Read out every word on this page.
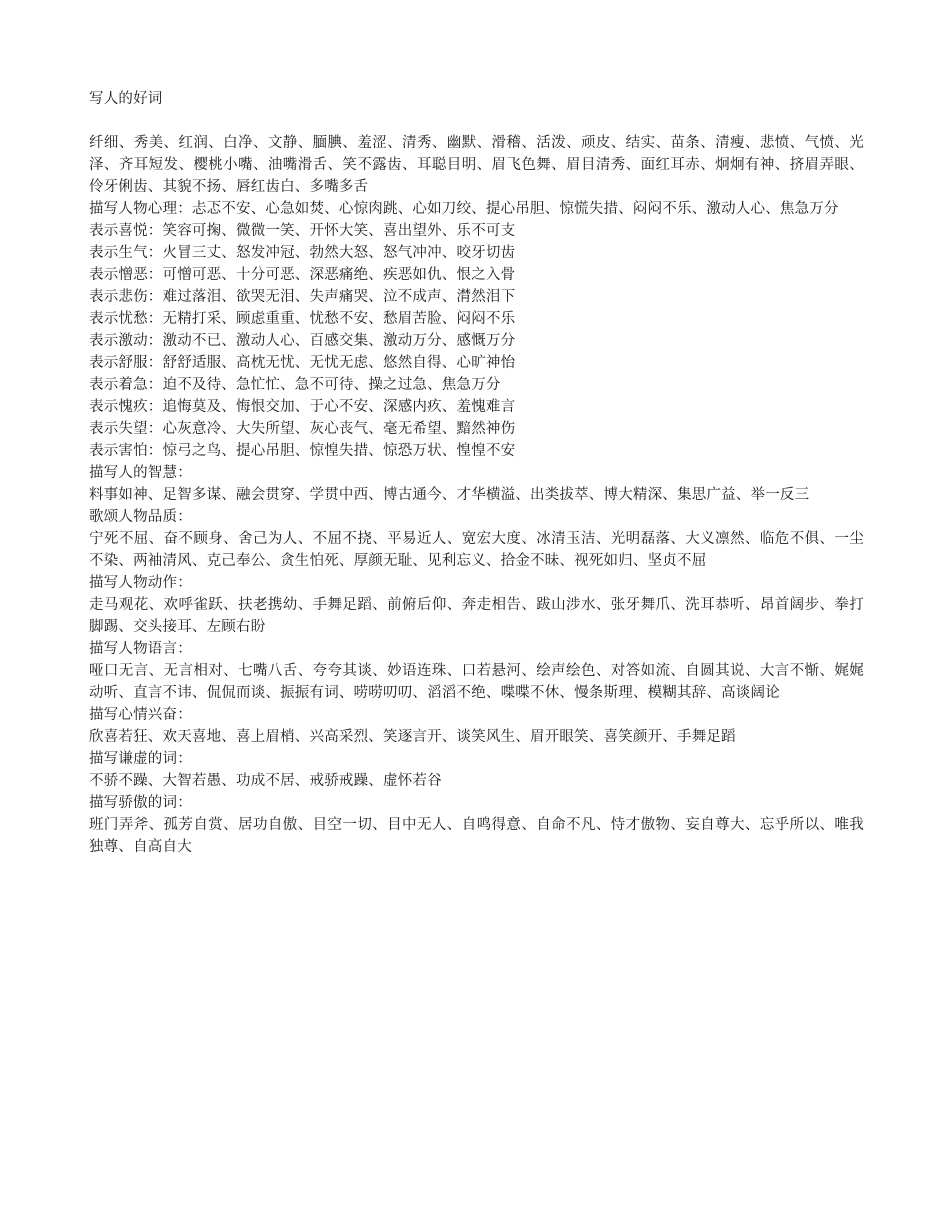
写人的好词

纤细、秀美、红润、白净、文静、腼腆、羞涩、清秀、幽默、滑稽、活泼、顽皮、结实、苗条、清瘦、悲愤、气愤、光泽、齐耳短发、樱桃小嘴、油嘴滑舌、笑不露齿、耳聪目明、眉飞色舞、眉目清秀、面红耳赤、炯炯有神、挤眉弄眼、伶牙俐齿、其貌不扬、唇红齿白、多嘴多舌

描写人物心理：忐忑不安、心急如焚、心惊肉跳、心如刀绞、提心吊胆、惊慌失措、闷闷不乐、激动人心、焦急万分

表示喜悦：笑容可掬、微微一笑、开怀大笑、喜出望外、乐不可支

表示生气：火冒三丈、怒发冲冠、勃然大怒、怒气冲冲、咬牙切齿

表示憎恶：可憎可恶、十分可恶、深恶痛绝、疾恶如仇、恨之入骨

表示悲伤：难过落泪、欲哭无泪、失声痛哭、泣不成声、潸然泪下

表示忧愁：无精打采、顾虑重重、忧愁不安、愁眉苦脸、闷闷不乐

表示激动：激动不已、激动人心、百感交集、激动万分、感慨万分

表示舒服：舒舒适服、高枕无忧、无忧无虑、悠然自得、心旷神怡

表示着急：迫不及待、急忙忙、急不可待、操之过急、焦急万分

表示愧疚：追悔莫及、悔恨交加、于心不安、深感内疚、羞愧难言

表示失望：心灰意冷、大失所望、灰心丧气、毫无希望、黯然神伤

表示害怕：惊弓之鸟、提心吊胆、惊惶失措、惊恐万状、惶惶不安

描写人的智慧：

料事如神、足智多谋、融会贯穿、学贯中西、博古通今、才华横溢、出类拔萃、博大精深、集思广益、举一反三

歌颂人物品质：

宁死不屈、奋不顾身、舍己为人、不屈不挠、平易近人、宽宏大度、冰清玉洁、光明磊落、大义凛然、临危不俱、一尘不染、两袖清风、克己奉公、贪生怕死、厚颜无耻、见利忘义、拾金不昧、视死如归、坚贞不屈

描写人物动作：

走马观花、欢呼雀跃、扶老携幼、手舞足蹈、前俯后仰、奔走相告、跋山涉水、张牙舞爪、洗耳恭听、昂首阔步、拳打脚踢、交头接耳、左顾右盼

描写人物语言：

哑口无言、无言相对、七嘴八舌、夸夸其谈、妙语连珠、口若悬河、绘声绘色、对答如流、自圆其说、大言不惭、娓娓动听、直言不讳、侃侃而谈、振振有词、唠唠叨叨、滔滔不绝、喋喋不休、慢条斯理、模糊其辞、高谈阔论

描写心情兴奋：

欣喜若狂、欢天喜地、喜上眉梢、兴高采烈、笑逐言开、谈笑风生、眉开眼笑、喜笑颜开、手舞足蹈

描写谦虚的词：

不骄不躁、大智若愚、功成不居、戒骄戒躁、虚怀若谷

描写骄傲的词：

班门弄斧、孤芳自赏、居功自傲、目空一切、目中无人、自鸣得意、自命不凡、恃才傲物、妄自尊大、忘乎所以、唯我独尊、自高自大
